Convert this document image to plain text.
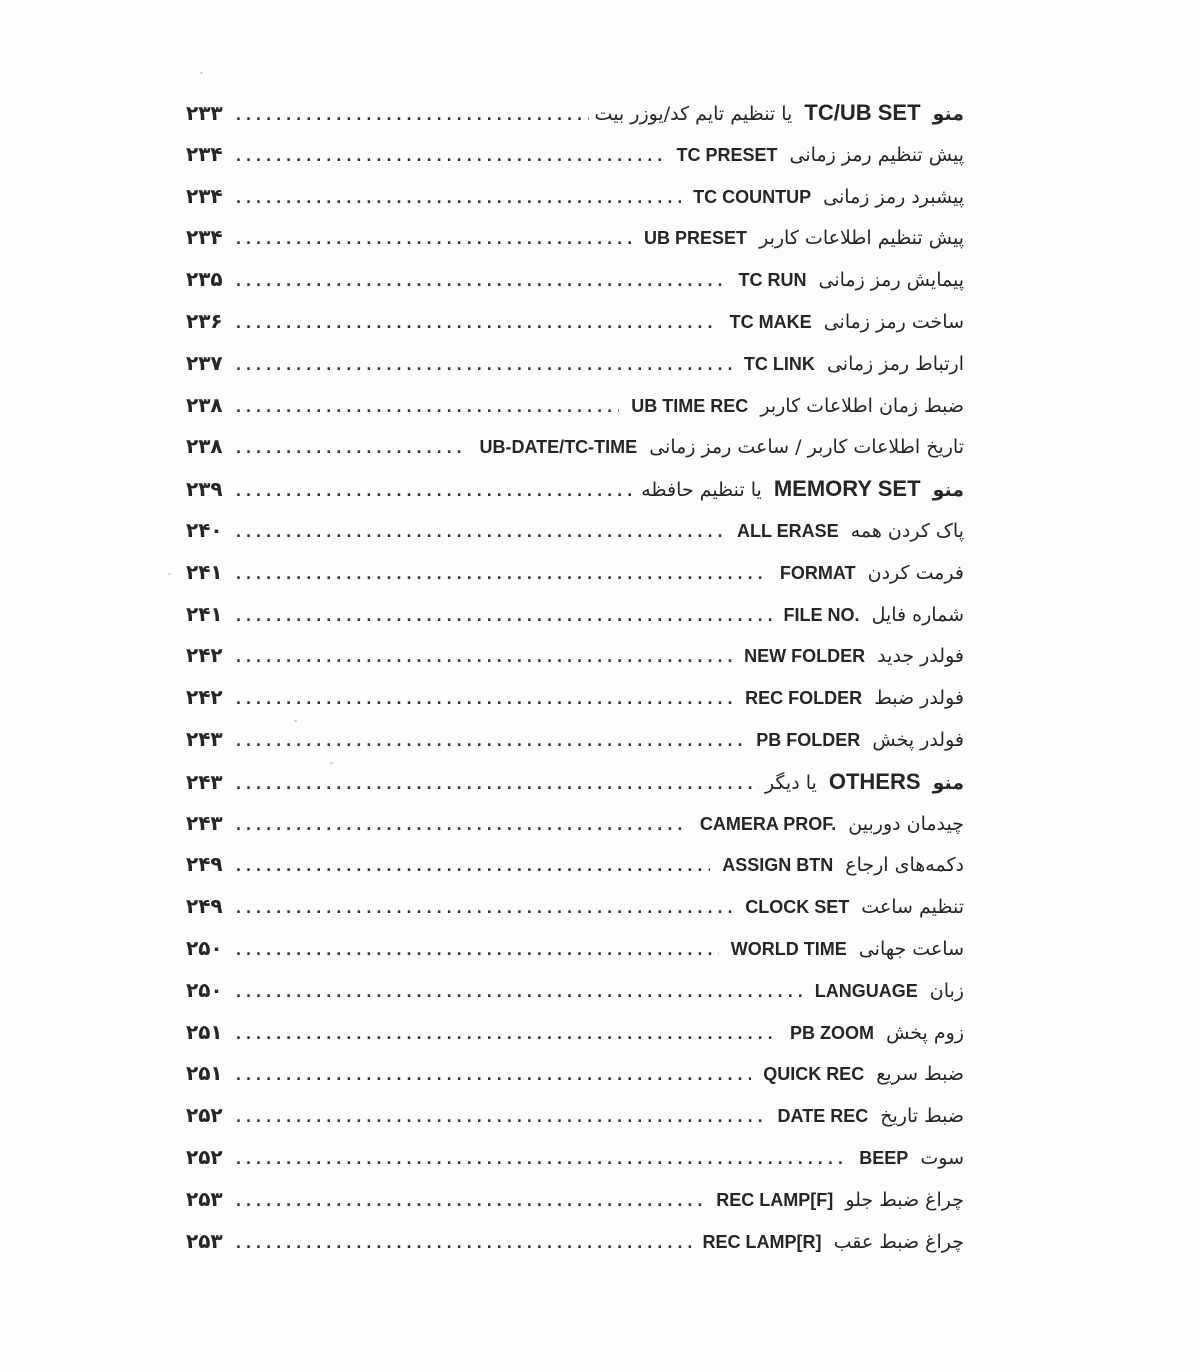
منو TC/UB SET یا تنظیم تایم کد/یوزر بیت
.....
۲۳۳
پیش تنظیم رمز زمانی TC PRESET
.....
۲۳۴
پیشبرد رمز زمانی TC COUNTUP
.....
۲۳۴
پیش تنظیم اطلاعات کاربر UB PRESET
.....
۲۳۴
پیمایش رمز زمانی TC RUN
.....
۲۳۵
ساخت رمز زمانی TC MAKE
.....
۲۳۶
ارتباط رمز زمانی TC LINK
.....
۲۳۷
ضبط زمان اطلاعات کاربر UB TIME REC
.....
۲۳۸
تاریخ اطلاعات کاربر / ساعت رمز زمانی UB-DATE/TC-TIME
.....
۲۳۸
منو MEMORY SET یا تنظیم حافظه
.....
۲۳۹
پاک کردن همه ALL ERASE
.....
۲۴۰
فرمت کردن FORMAT
.....
۲۴۱
شماره فایل FILE NO.
.....
۲۴۱
فولدر جدید NEW FOLDER
.....
۲۴۲
فولدر ضبط REC FOLDER
.....
۲۴۲
فولدر پخش PB FOLDER
.....
۲۴۳
منو OTHERS یا دیگر
.....
۲۴۳
چیدمان دوربین CAMERA PROF.
.....
۲۴۳
دکمه‌های ارجاع ASSIGN BTN
.....
۲۴۹
تنظیم ساعت CLOCK SET
.....
۲۴۹
ساعت جهانی WORLD TIME
.....
۲۵۰
زبان LANGUAGE
.....
۲۵۰
زوم پخش PB ZOOM
.....
۲۵۱
ضبط سریع QUICK REC
.....
۲۵۱
ضبط تاریخ DATE REC
.....
۲۵۲
سوت BEEP
.....
۲۵۲
چراغ ضبط جلو REC LAMP[F]
.....
۲۵۳
چراغ ضبط عقب REC LAMP[R]
.....
۲۵۳
